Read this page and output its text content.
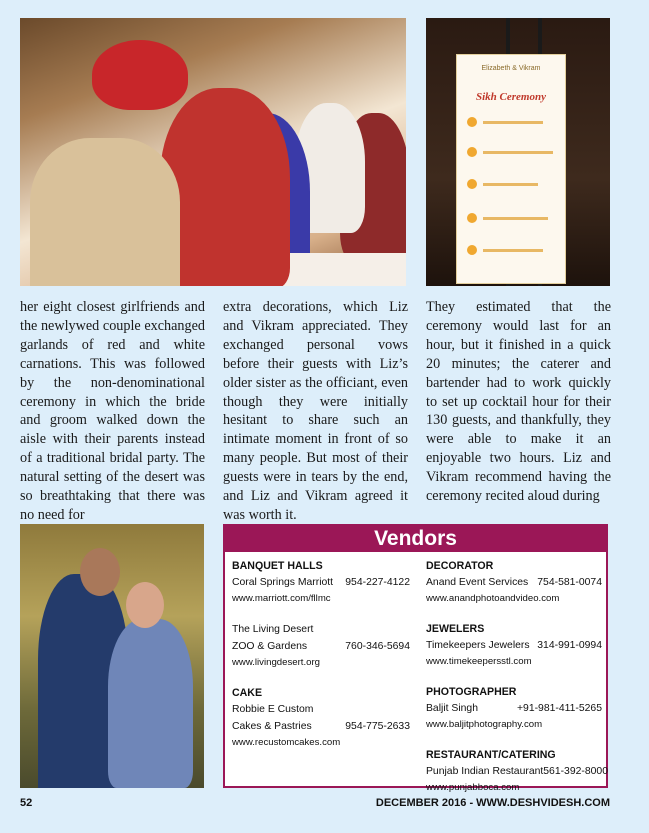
Elizabeth & Vikram
Sikh Ceremony
her eight closest girlfriends and the newlywed couple exchanged garlands of red and white carnations. This was followed by the non-denominational ceremony in which the bride and groom walked down the aisle with their parents instead of a traditional bridal party. The natural setting of the desert was so breathtaking that there was no need for
extra decorations, which Liz and Vikram appreciated. They exchanged personal vows before their guests with Liz’s older sister as the officiant, even though they were initially hesitant to share such an intimate moment in front of so many people. But most of their guests were in tears by the end, and Liz and Vikram agreed it was worth it.
They estimated that the ceremony would last for an hour, but it finished in a quick 20 minutes; the caterer and bartender had to work quickly to set up cocktail hour for their 130 guests, and thankfully, they were able to make it an enjoyable two hours. Liz and Vikram recommend having the ceremony recited aloud during
Vendors
BANQUET HALLS
Coral Springs Marriott 954-227-4122
www.marriott.com/fllmc
The Living Desert
ZOO & Gardens	760-346-5694
www.livingdesert.org
CAKE
Robbie E Custom
Cakes & Pastries	954-775-2633
www.recustomcakes.com
DECORATOR
Anand Event Services 754-581-0074
www.anandphotoandvideo.com
JEWELERS
Timekeepers Jewelers 314-991-0994
www.timekeepersstl.com
PHOTOGRAPHER
Baljit Singh	+91-981-411-5265
www.baljitphotography.com
RESTAURANT/CATERING
Punjab Indian Restaurant 561-392-8000
www.punjabboca.com
52	DECEMBER 2016 - WWW.DESHVIDESH.COM
